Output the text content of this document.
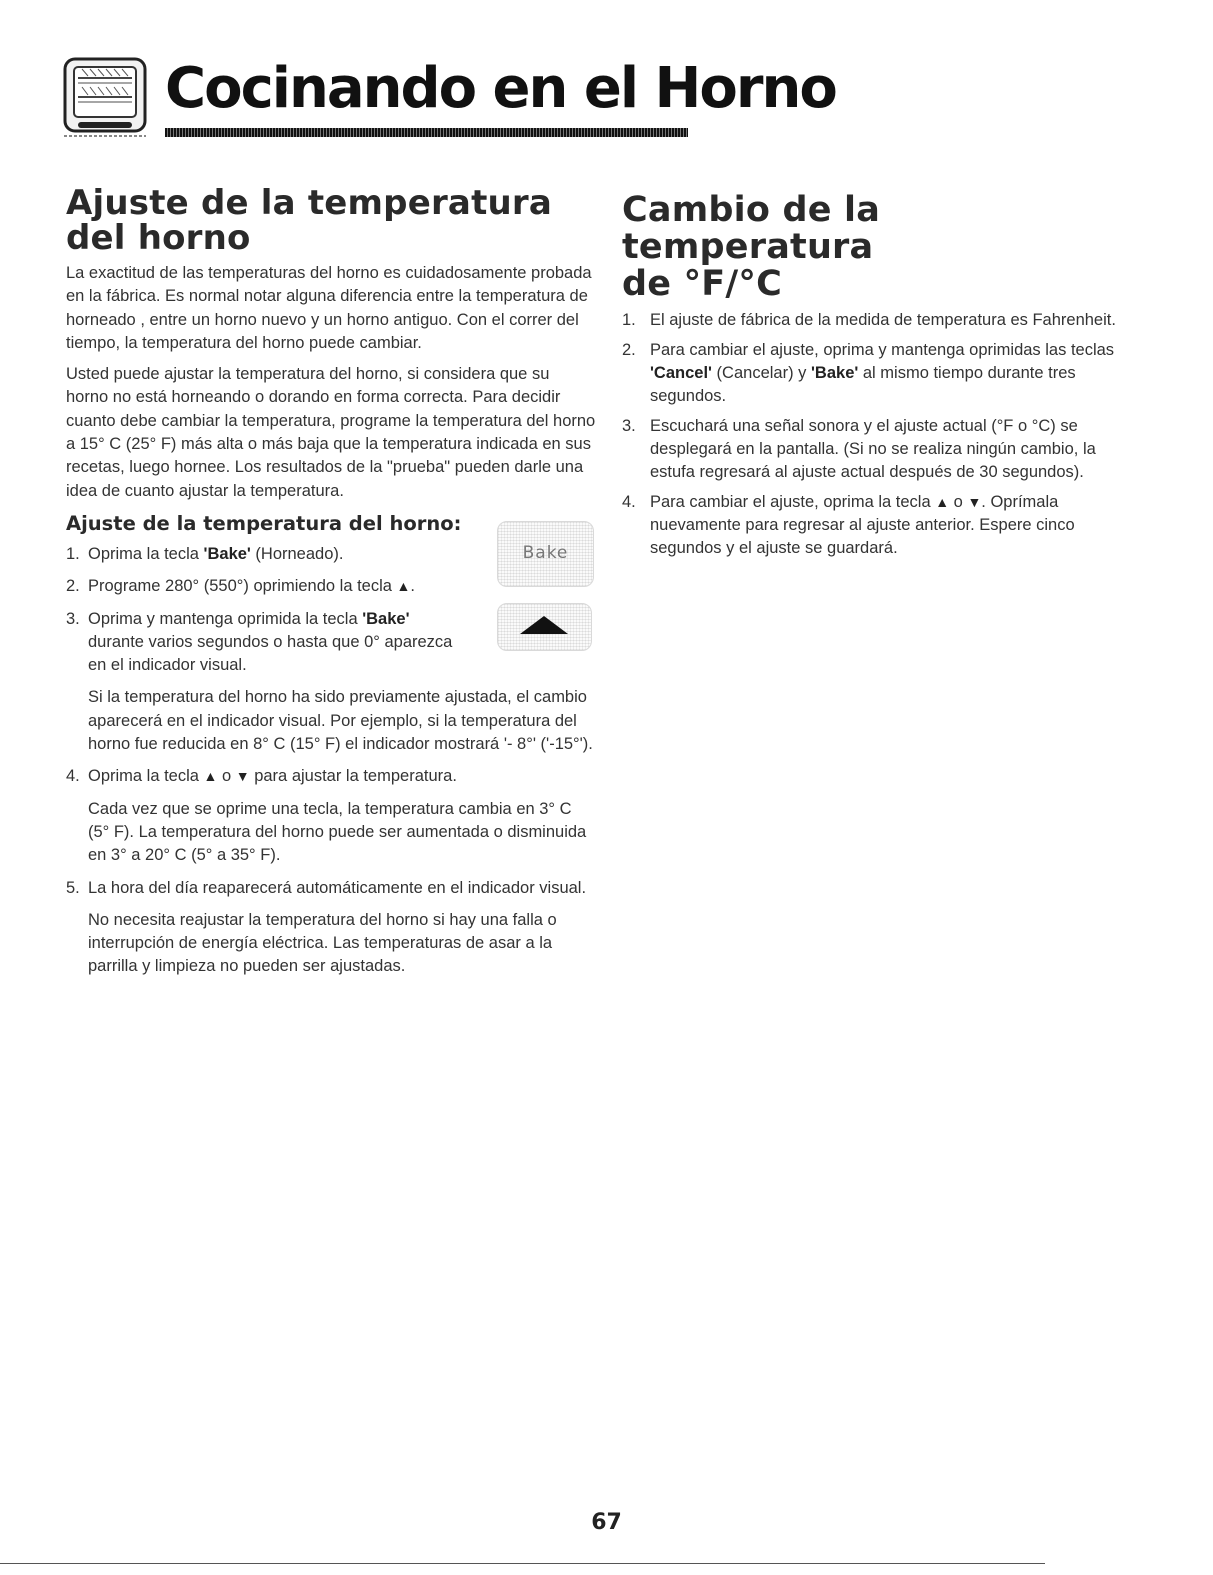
Cocinando en el Horno
Ajuste de la temperatura
del horno

La exactitud de las temperaturas del horno es cuidadosamente probada en la fábrica. Es normal notar alguna diferencia entre la temperatura de horneado , entre un horno nuevo y un horno antiguo. Con el correr del tiempo, la temperatura del horno puede cambiar.

Usted puede ajustar la temperatura del horno, si considera que su horno no está horneando o dorando en forma correcta. Para decidir cuanto debe cambiar la temperatura, programe la temperatura del horno a 15° C (25° F) más alta o más baja que la temperatura indicada en sus recetas, luego hornee. Los resultados de la "prueba" pueden darle una idea de cuanto ajustar la temperatura.

Ajuste de la temperatura del horno:
1. Oprima la tecla 'Bake' (Horneado).
2. Programe 280° (550°) oprimiendo la tecla ▲.
3. Oprima y mantenga oprimida la tecla 'Bake'
durante varios segundos o hasta que 0° aparezca
en el indicador visual.

Si la temperatura del horno ha sido previamente ajustada, el cambio aparecerá en el indicador visual. Por ejemplo, si la temperatura del horno fue reducida en 8° C (15° F) el indicador mostrará '- 8°' ('-15°').

4. Oprima la tecla ▲ o ▼ para ajustar la temperatura.

Cada vez que se oprime una tecla, la temperatura cambia en 3° C (5° F). La temperatura del horno puede ser aumentada o disminuida en 3° a 20° C (5° a 35° F).

5. La hora del día reaparecerá automáticamente en el indicador visual.

No necesita reajustar la temperatura del horno si hay una falla o interrupción de energía eléctrica. Las temperaturas de asar a la parrilla y limpieza no pueden ser ajustadas.

Bake
Cambio de la temperatura
de °F/°C
1. El ajuste de fábrica de la medida de temperatura es Fahrenheit.
2. Para cambiar el ajuste, oprima y mantenga oprimidas las teclas 'Cancel' (Cancelar) y 'Bake' al mismo tiempo durante tres segundos.
3. Escuchará una señal sonora y el ajuste actual (°F o °C) se desplegará en la pantalla. (Si no se realiza ningún cambio, la estufa regresará al ajuste actual después de 30 segundos).
4. Para cambiar el ajuste, oprima la tecla ▲ o ▼. Oprímala nuevamente para regresar al ajuste anterior. Espere cinco segundos y el ajuste se guardará.
67
